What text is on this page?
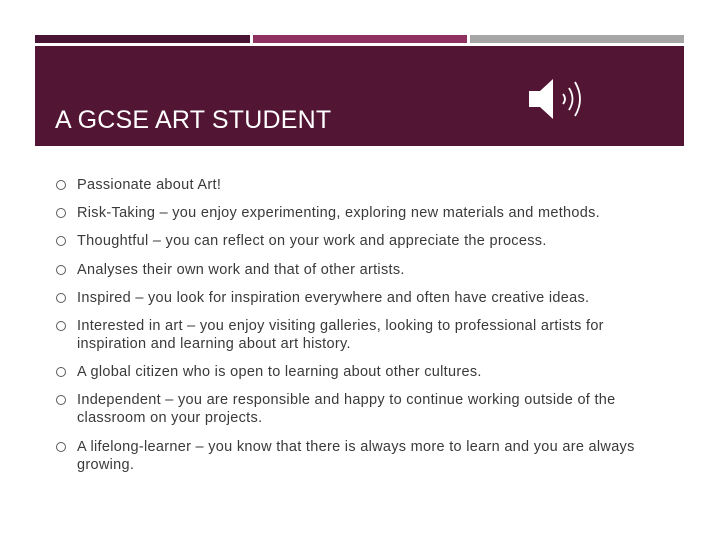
A GCSE ART STUDENT
Passionate about Art!
Risk-Taking – you enjoy experimenting, exploring new materials and methods.
Thoughtful – you can reflect on your work and appreciate the process.
Analyses their own work and that of other artists.
Inspired – you look for inspiration everywhere and often have creative ideas.
Interested in art – you enjoy visiting galleries, looking to professional artists for inspiration and learning about art history.
A global citizen who is open to learning about other cultures.
Independent – you are responsible and happy to continue working outside of the classroom on your projects.
A lifelong-learner – you know that there is always more to learn and you are always growing.
